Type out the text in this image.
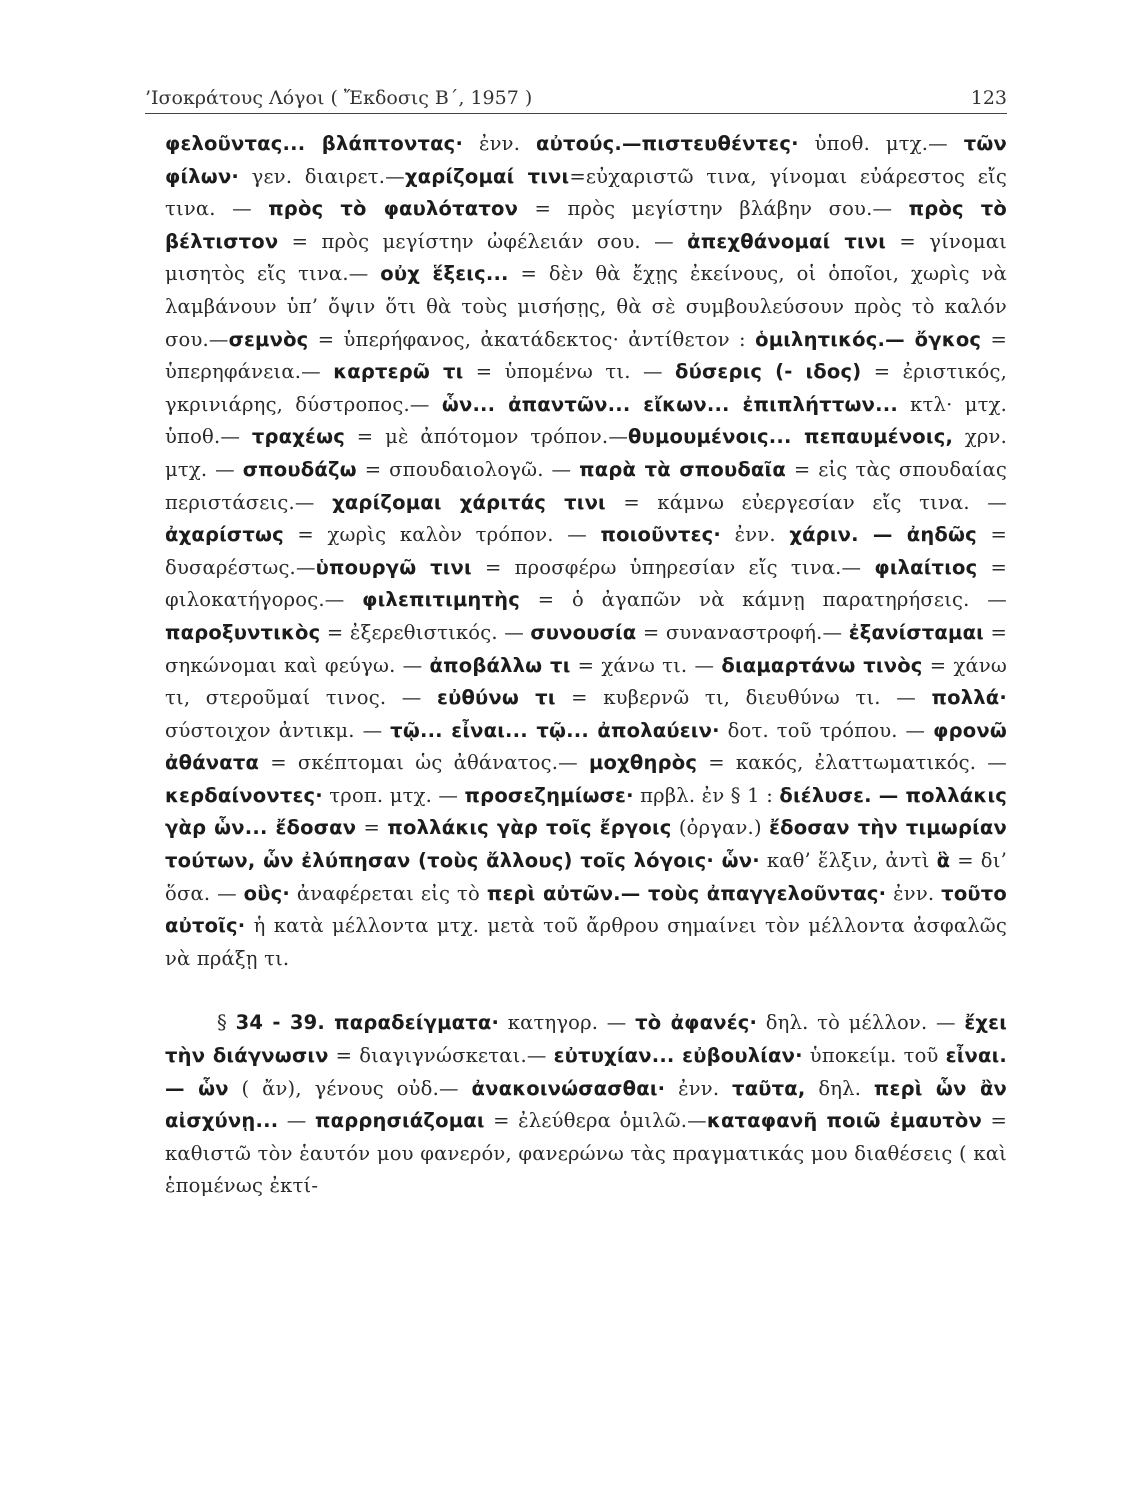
’Ισοκράτους Λόγοι ( Ἔκδοσις Β΄, 1957 )	123

φελοῦντας... βλάπτοντας· ἐνν. αὐτούς.—πιστευθέντες· ὑποθ. μτχ.— τῶν φίλων· γεν. διαιρετ.—χαρίζομαί τινι=εὐχαριστῶ τινα, γίνομαι εὐάρεστος εἴς τινα. — πρὸς τὸ φαυλότατον = πρὸς μεγίστην βλάβην σου.— πρὸς τὸ βέλτιστον = πρὸς μεγίστην ὠφέλειάν σου. — ἀπεχθάνομαί τινι = γίνομαι μισητὸς εἴς τινα.— οὐχ ἕξεις... = δὲν θὰ ἔχῃς ἐκείνους, οἱ ὁποῖοι, χωρὶς νὰ λαμβάνουν ὑπ’ ὄψιν ὅτι θὰ τοὺς μισήσῃς, θὰ σὲ συμβουλεύσουν πρὸς τὸ καλόν σου.—σεμνὸς = ὑπερήφανος, ἀκατάδεκτος· ἀντίθετον : ὁμιλητικός.— ὄγκος = ὑπερηφάνεια.— καρτερῶ τι = ὑπομένω τι. — δύσερις (- ιδος) = ἐριστικός, γκρινιάρης, δύστροπος.— ὧν... ἀπαντῶν... εἴκων... ἐπιπλήττων... κτλ· μτχ. ὑποθ.— τραχέως = μὲ ἀπότομον τρόπον.—θυμουμένοις... πεπαυμένοις, χρν. μτχ. — σπουδάζω = σπουδαιολογῶ. — παρὰ τὰ σπουδαῖα = εἰς τὰς σπουδαίας περιστάσεις.— χαρίζομαι χάριτάς τινι = κάμνω εὐεργεσίαν εἴς τινα. — ἀχαρίστως = χωρὶς καλὸν τρόπον. — ποιοῦντες· ἐνν. χάριν. — ἀηδῶς = δυσαρέστως.—ὑπουργῶ τινι = προσφέρω ὑπηρεσίαν εἴς τινα.— φιλαίτιος = φιλοκατήγορος.— φιλεπιτιμητὴς = ὁ ἀγαπῶν νὰ κάμνῃ παρατηρήσεις. — παροξυντικὸς = ἐξερεθιστικός. — συνουσία = συναναστροφή.— ἐξανίσταμαι = σηκώνομαι καὶ φεύγω. — ἀποβάλλω τι = χάνω τι. — διαμαρτάνω τινὸς = χάνω τι, στεροῦμαί τινος. — εὐθύνω τι = κυβερνῶ τι, διευθύνω τι. — πολλά· σύστοιχον ἀντικμ. — τῷ... εἶναι... τῷ... ἀπολαύειν· δοτ. τοῦ τρόπου. — φρονῶ ἀθάνατα = σκέπτομαι ὡς ἀθάνατος.— μοχθηρὸς = κακός, ἐλαττωματικός. — κερδαίνοντες· τροπ. μτχ. — προσεζημίωσε· πρβλ. ἐν § 1 : διέλυσε. — πολλάκις γὰρ ὧν... ἔδοσαν = πολλάκις γὰρ τοῖς ἔργοις (ὀργαν.) ἔδοσαν τὴν τιμωρίαν τούτων, ὧν ἐλύπησαν (τοὺς ἄλλους) τοῖς λόγοις· ὧν· καθ’ ἕλξιν, ἀντὶ ἃ = δι’ ὅσα. — οὓς· ἀναφέρεται εἰς τὸ περὶ αὐτῶν.— τοὺς ἀπαγγελοῦντας· ἐνν. τοῦτο αὐτοῖς· ἡ κατὰ μέλλοντα μτχ. μετὰ τοῦ ἄρθρου σημαίνει τὸν μέλλοντα ἀσφαλῶς νὰ πράξῃ τι.

§ 34 - 39. παραδείγματα· κατηγορ. — τὸ ἀφανές· δηλ. τὸ μέλλον. — ἔχει τὴν διάγνωσιν = διαγιγνώσκεται.— εὐτυχίαν... εὐβουλίαν· ὑποκείμ. τοῦ εἶναι.— ὧν ( ἄν), γένους οὐδ.— ἀνακοινώσασθαι· ἐνν. ταῦτα, δηλ. περὶ ὧν ἂν αἰσχύνῃ... — παρρησιάζομαι = ἐλεύθερα ὁμιλῶ.—καταφανῆ ποιῶ ἐμαυτὸν = καθιστῶ τὸν ἑαυτόν μου φανερόν, φανερώνω τὰς πραγματικάς μου διαθέσεις ( καὶ ἑπομένως ἐκτί-
